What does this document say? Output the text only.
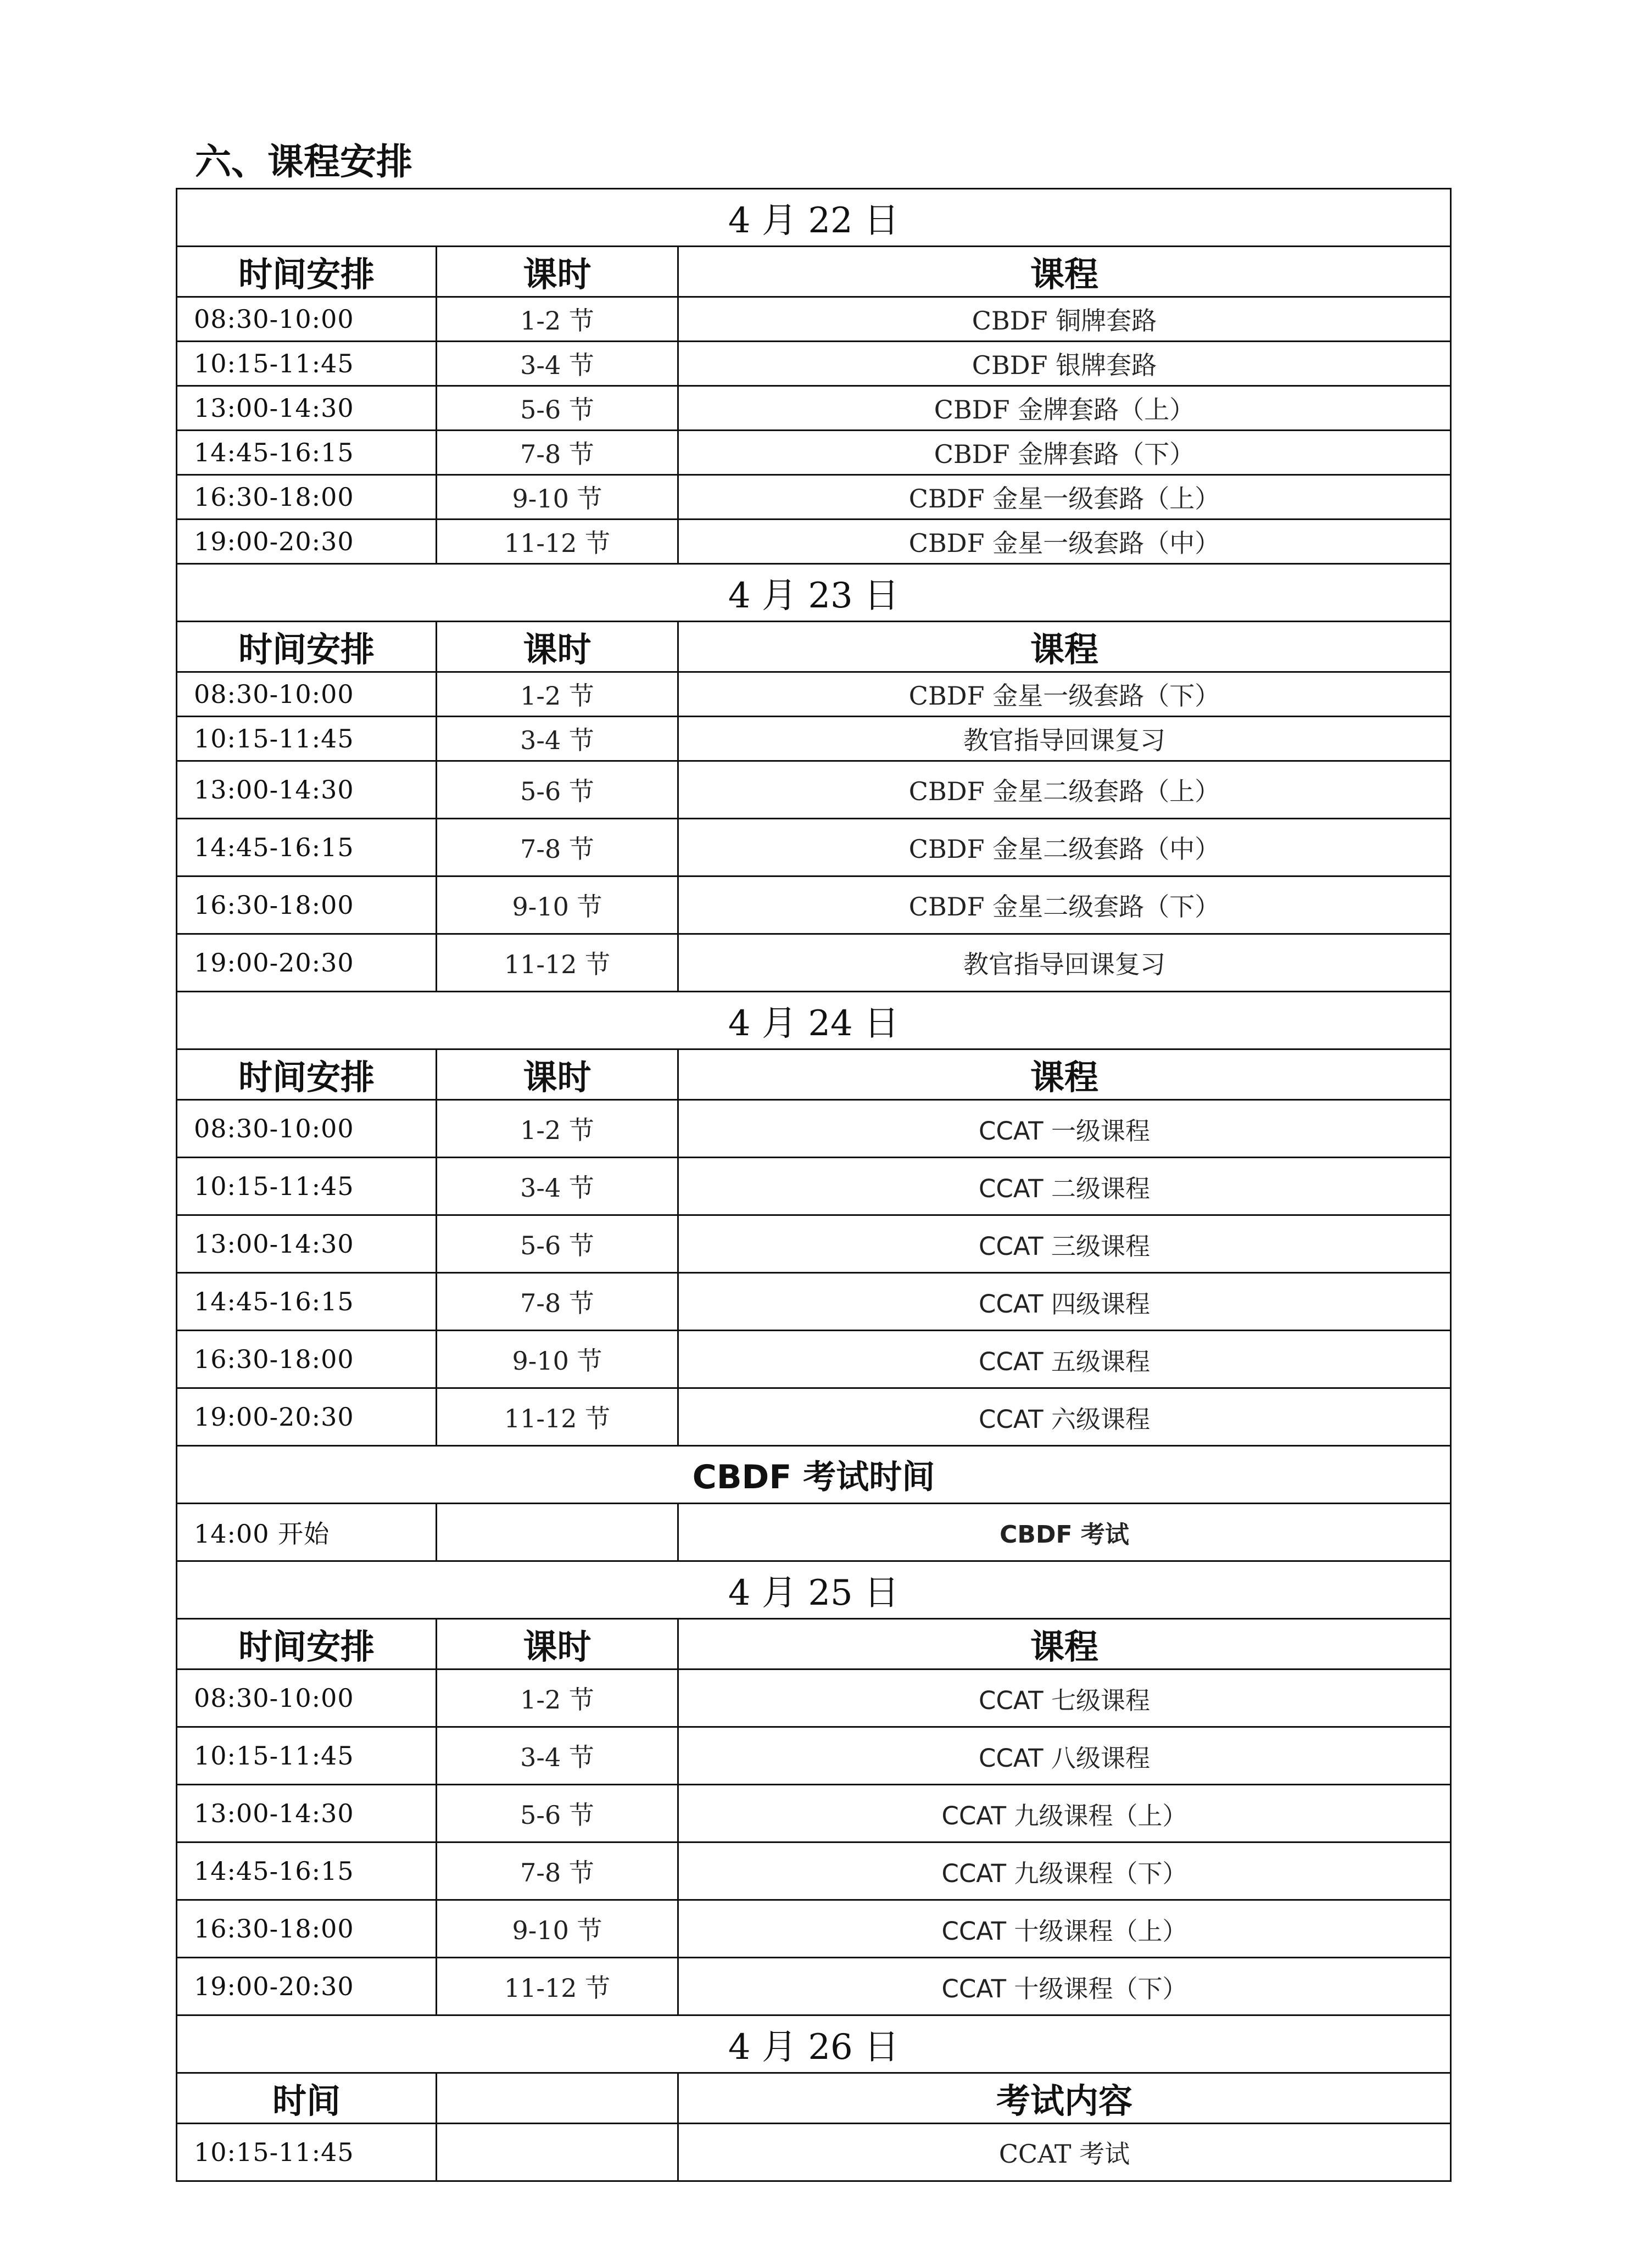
六、课程安排
4 月 22 日		
时间安排	课时	课程
08:30-10:00	1-2 节	CBDF 铜牌套路
10:15-11:45	3-4 节	CBDF 银牌套路
13:00-14:30	5-6 节	CBDF 金牌套路（上）
14:45-16:15	7-8 节	CBDF 金牌套路（下）
16:30-18:00	9-10 节	CBDF 金星一级套路（上）
19:00-20:30	11-12 节	CBDF 金星一级套路（中）
4 月 23 日		
时间安排	课时	课程
08:30-10:00	1-2 节	CBDF 金星一级套路（下）
10:15-11:45	3-4 节	教官指导回课复习
13:00-14:30	5-6 节	CBDF 金星二级套路（上）
14:45-16:15	7-8 节	CBDF 金星二级套路（中）
16:30-18:00	9-10 节	CBDF 金星二级套路（下）
19:00-20:30	11-12 节	教官指导回课复习
4 月 24 日		
时间安排	课时	课程
08:30-10:00	1-2 节	CCAT 一级课程
10:15-11:45	3-4 节	CCAT 二级课程
13:00-14:30	5-6 节	CCAT 三级课程
14:45-16:15	7-8 节	CCAT 四级课程
16:30-18:00	9-10 节	CCAT 五级课程
19:00-20:30	11-12 节	CCAT 六级课程
CBDF 考试时间		
14:00 开始		CBDF 考试
4 月 25 日		
时间安排	课时	课程
08:30-10:00	1-2 节	CCAT 七级课程
10:15-11:45	3-4 节	CCAT 八级课程
13:00-14:30	5-6 节	CCAT 九级课程（上）
14:45-16:15	7-8 节	CCAT 九级课程（下）
16:30-18:00	9-10 节	CCAT 十级课程（上）
19:00-20:30	11-12 节	CCAT 十级课程（下）
4 月 26 日		
时间		考试内容
10:15-11:45		CCAT 考试
